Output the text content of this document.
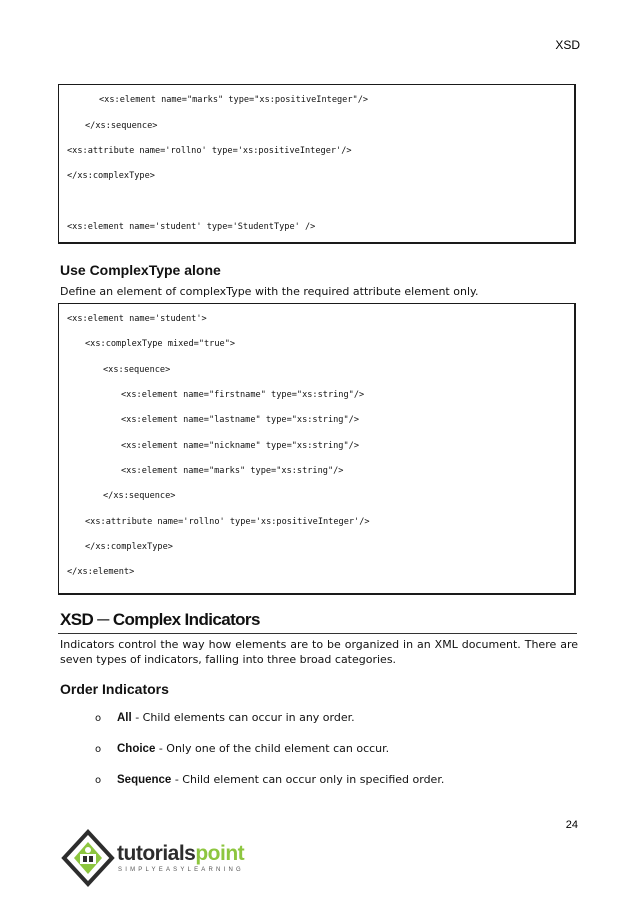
XSD
<xs:element name="marks" type="xs:positiveInteger"/>
</xs:sequence>
<xs:attribute name='rollno' type='xs:positiveInteger'/>
</xs:complexType>
<xs:element name='student' type='StudentType' />
Use ComplexType alone
Define an element of complexType with the required attribute element only.
<xs:element name='student'>
<xs:complexType mixed="true">
<xs:sequence>
<xs:element name="firstname" type="xs:string"/>
<xs:element name="lastname" type="xs:string"/>
<xs:element name="nickname" type="xs:string"/>
<xs:element name="marks" type="xs:string"/>
</xs:sequence>
<xs:attribute name='rollno' type='xs:positiveInteger'/>
</xs:complexType>
</xs:element>
XSD ─ Complex Indicators
Indicators control the way how elements are to be organized in an XML document. There are seven types of indicators, falling into three broad categories.
Order Indicators
o All - Child elements can occur in any order.
o Choice - Only one of the child element can occur.
o Sequence - Child element can occur only in specified order.
24
tutorialspoint
SIMPLYEASYLEARNING
